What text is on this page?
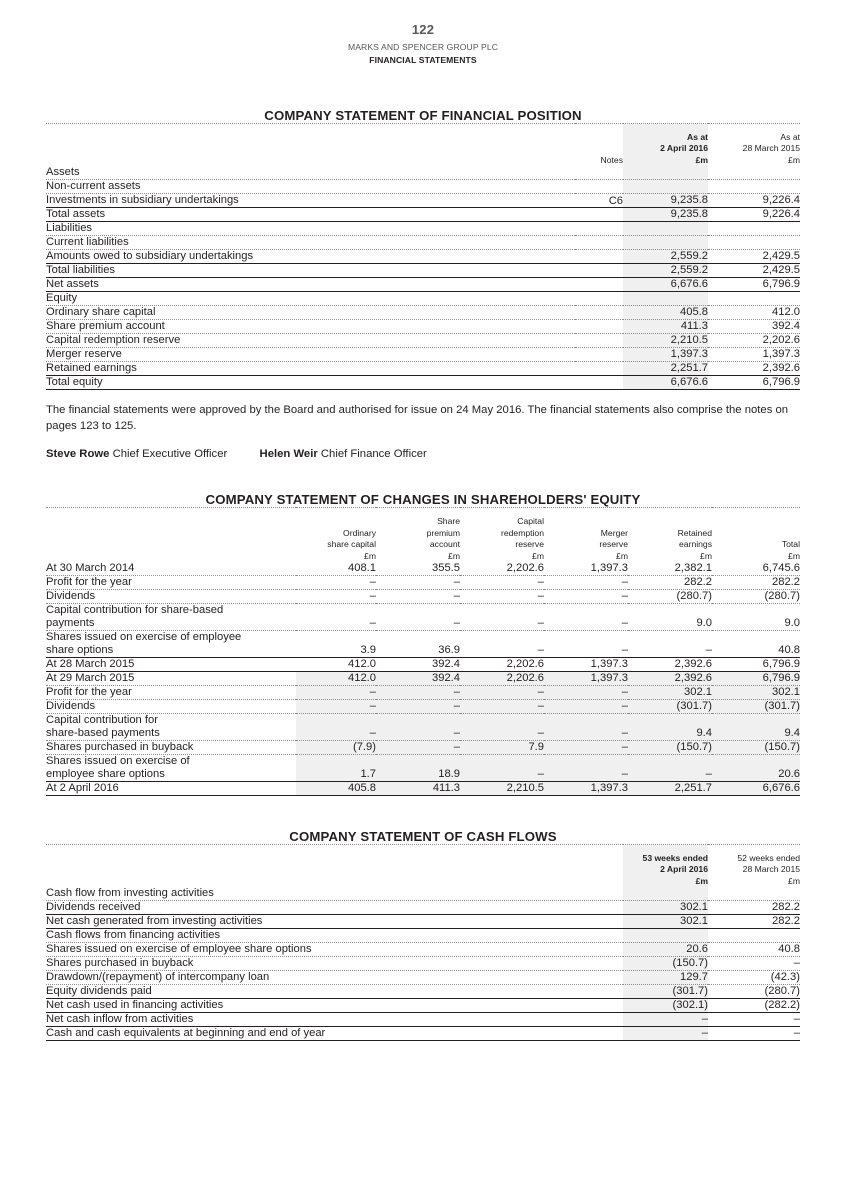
122
MARKS AND SPENCER GROUP PLC
FINANCIAL STATEMENTS
COMPANY STATEMENT OF FINANCIAL POSITION

	Notes	As at
2 April 2016
£m	As at
28 March 2015
£m
Assets			
Non-current assets			
Investments in subsidiary undertakings	C6	9,235.8	9,226.4
Total assets		9,235.8	9,226.4
Liabilities			
Current liabilities			
Amounts owed to subsidiary undertakings		2,559.2	2,429.5
Total liabilities		2,559.2	2,429.5
Net assets		6,676.6	6,796.9
Equity			
Ordinary share capital		405.8	412.0
Share premium account		411.3	392.4
Capital redemption reserve		2,210.5	2,202.6
Merger reserve		1,397.3	1,397.3
Retained earnings		2,251.7	2,392.6
Total equity		6,676.6	6,796.9
The financial statements were approved by the Board and authorised for issue on 24 May 2016. The financial statements also comprise the notes on pages 123 to 125.
Steve Rowe Chief Executive Officer	Helen Weir Chief Finance Officer
COMPANY STATEMENT OF CHANGES IN SHAREHOLDERS' EQUITY

	Ordinary
share capital
£m	Share
premium
account
£m	Capital
redemption
reserve
£m	Merger
reserve
£m	Retained
earnings
£m	Total
£m
At 30 March 2014	408.1	355.5	2,202.6	1,397.3	2,382.1	6,745.6
Profit for the year	–	–	–	–	282.2	282.2
Dividends	–	–	–	–	(280.7)	(280.7)
Capital contribution for share-based
payments	–	–	–	–	9.0	9.0
Shares issued on exercise of employee
share options	3.9	36.9	–	–	–	40.8
At 28 March 2015	412.0	392.4	2,202.6	1,397.3	2,392.6	6,796.9
At 29 March 2015	412.0	392.4	2,202.6	1,397.3	2,392.6	6,796.9
Profit for the year	–	–	–	–	302.1	302.1
Dividends	–	–	–	–	(301.7)	(301.7)
Capital contribution for
share-based payments	–	–	–	–	9.4	9.4
Shares purchased in buyback	(7.9)	–	7.9	–	(150.7)	(150.7)
Shares issued on exercise of
employee share options	1.7	18.9	–	–	–	20.6
At 2 April 2016	405.8	411.3	2,210.5	1,397.3	2,251.7	6,676.6
COMPANY STATEMENT OF CASH FLOWS

	53 weeks ended
2 April 2016
£m	52 weeks ended
28 March 2015
£m
Cash flow from investing activities		
Dividends received	302.1	282.2
Net cash generated from investing activities	302.1	282.2
Cash flows from financing activities		
Shares issued on exercise of employee share options	20.6	40.8
Shares purchased in buyback	(150.7)	–
Drawdown/(repayment) of intercompany loan	129.7	(42.3)
Equity dividends paid	(301.7)	(280.7)
Net cash used in financing activities	(302.1)	(282.2)
Net cash inflow from activities	–	–
Cash and cash equivalents at beginning and end of year	–	–
